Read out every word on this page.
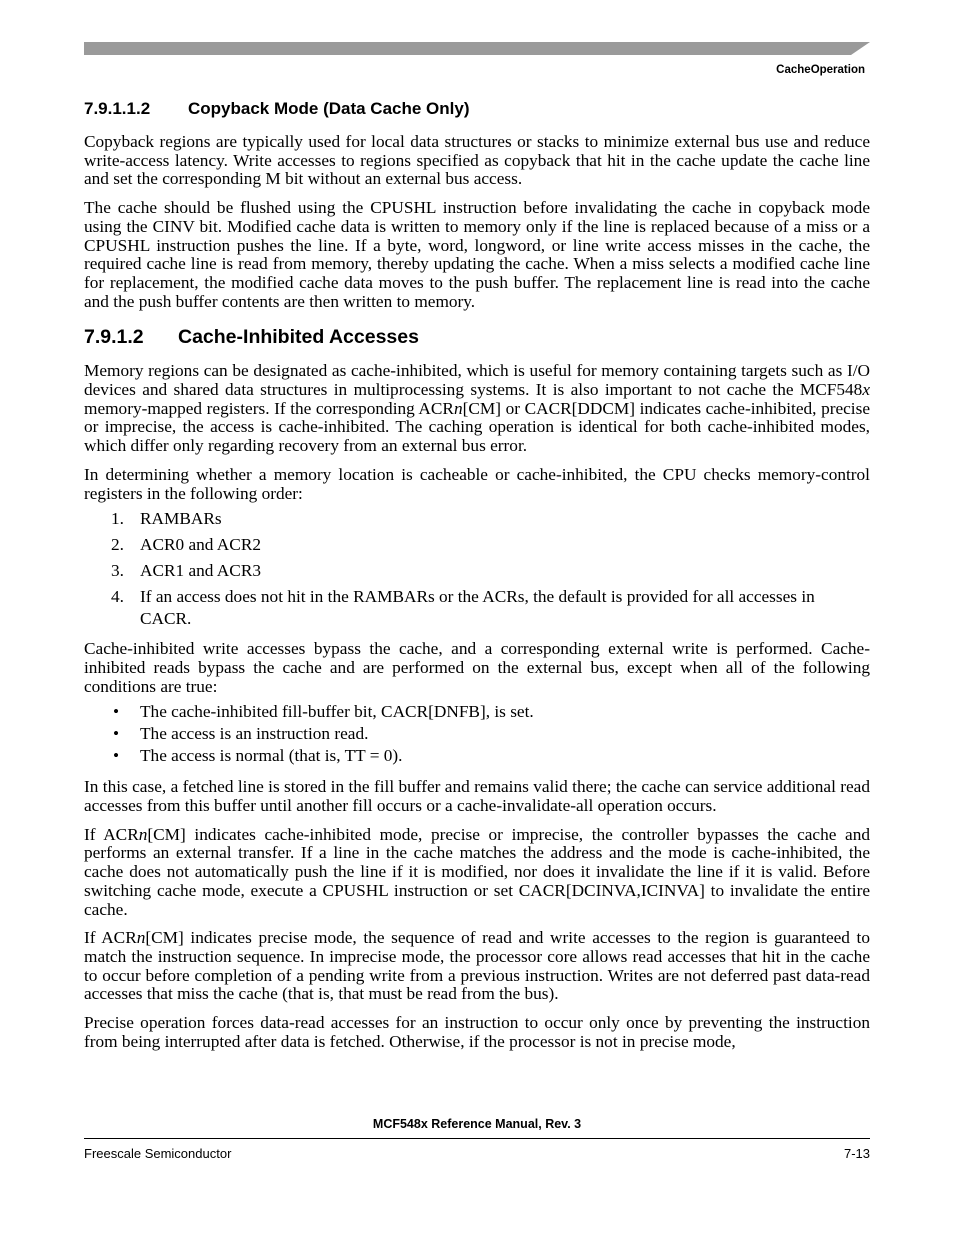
CacheOperation
7.9.1.1.2 Copyback Mode (Data Cache Only)

Copyback regions are typically used for local data structures or stacks to minimize external bus use and reduce write-access latency. Write accesses to regions specified as copyback that hit in the cache update the cache line and set the corresponding M bit without an external bus access.

The cache should be flushed using the CPUSHL instruction before invalidating the cache in copyback mode using the CINV bit. Modified cache data is written to memory only if the line is replaced because of a miss or a CPUSHL instruction pushes the line. If a byte, word, longword, or line write access misses in the cache, the required cache line is read from memory, thereby updating the cache. When a miss selects a modified cache line for replacement, the modified cache data moves to the push buffer. The replacement line is read into the cache and the push buffer contents are then written to memory.

7.9.1.2 Cache-Inhibited Accesses

Memory regions can be designated as cache-inhibited, which is useful for memory containing targets such as I/O devices and shared data structures in multiprocessing systems. It is also important to not cache the MCF548x memory-mapped registers. If the corresponding ACRn[CM] or CACR[DDCM] indicates cache-inhibited, precise or imprecise, the access is cache-inhibited. The caching operation is identical for both cache-inhibited modes, which differ only regarding recovery from an external bus error.

In determining whether a memory location is cacheable or cache-inhibited, the CPU checks memory-control registers in the following order:

1. RAMBARs
2. ACR0 and ACR2
3. ACR1 and ACR3
4. If an access does not hit in the RAMBARs or the ACRs, the default is provided for all accesses in CACR.

Cache-inhibited write accesses bypass the cache, and a corresponding external write is performed. Cache-inhibited reads bypass the cache and are performed on the external bus, except when all of the following conditions are true:

• The cache-inhibited fill-buffer bit, CACR[DNFB], is set.
• The access is an instruction read.
• The access is normal (that is, TT = 0).

In this case, a fetched line is stored in the fill buffer and remains valid there; the cache can service additional read accesses from this buffer until another fill occurs or a cache-invalidate-all operation occurs.

If ACRn[CM] indicates cache-inhibited mode, precise or imprecise, the controller bypasses the cache and performs an external transfer. If a line in the cache matches the address and the mode is cache-inhibited, the cache does not automatically push the line if it is modified, nor does it invalidate the line if it is valid. Before switching cache mode, execute a CPUSHL instruction or set CACR[DCINVA,ICINVA] to invalidate the entire cache.

If ACRn[CM] indicates precise mode, the sequence of read and write accesses to the region is guaranteed to match the instruction sequence. In imprecise mode, the processor core allows read accesses that hit in the cache to occur before completion of a pending write from a previous instruction. Writes are not deferred past data-read accesses that miss the cache (that is, that must be read from the bus).

Precise operation forces data-read accesses for an instruction to occur only once by preventing the instruction from being interrupted after data is fetched. Otherwise, if the processor is not in precise mode,

MCF548x Reference Manual, Rev. 3
Freescale Semiconductor	7-13
